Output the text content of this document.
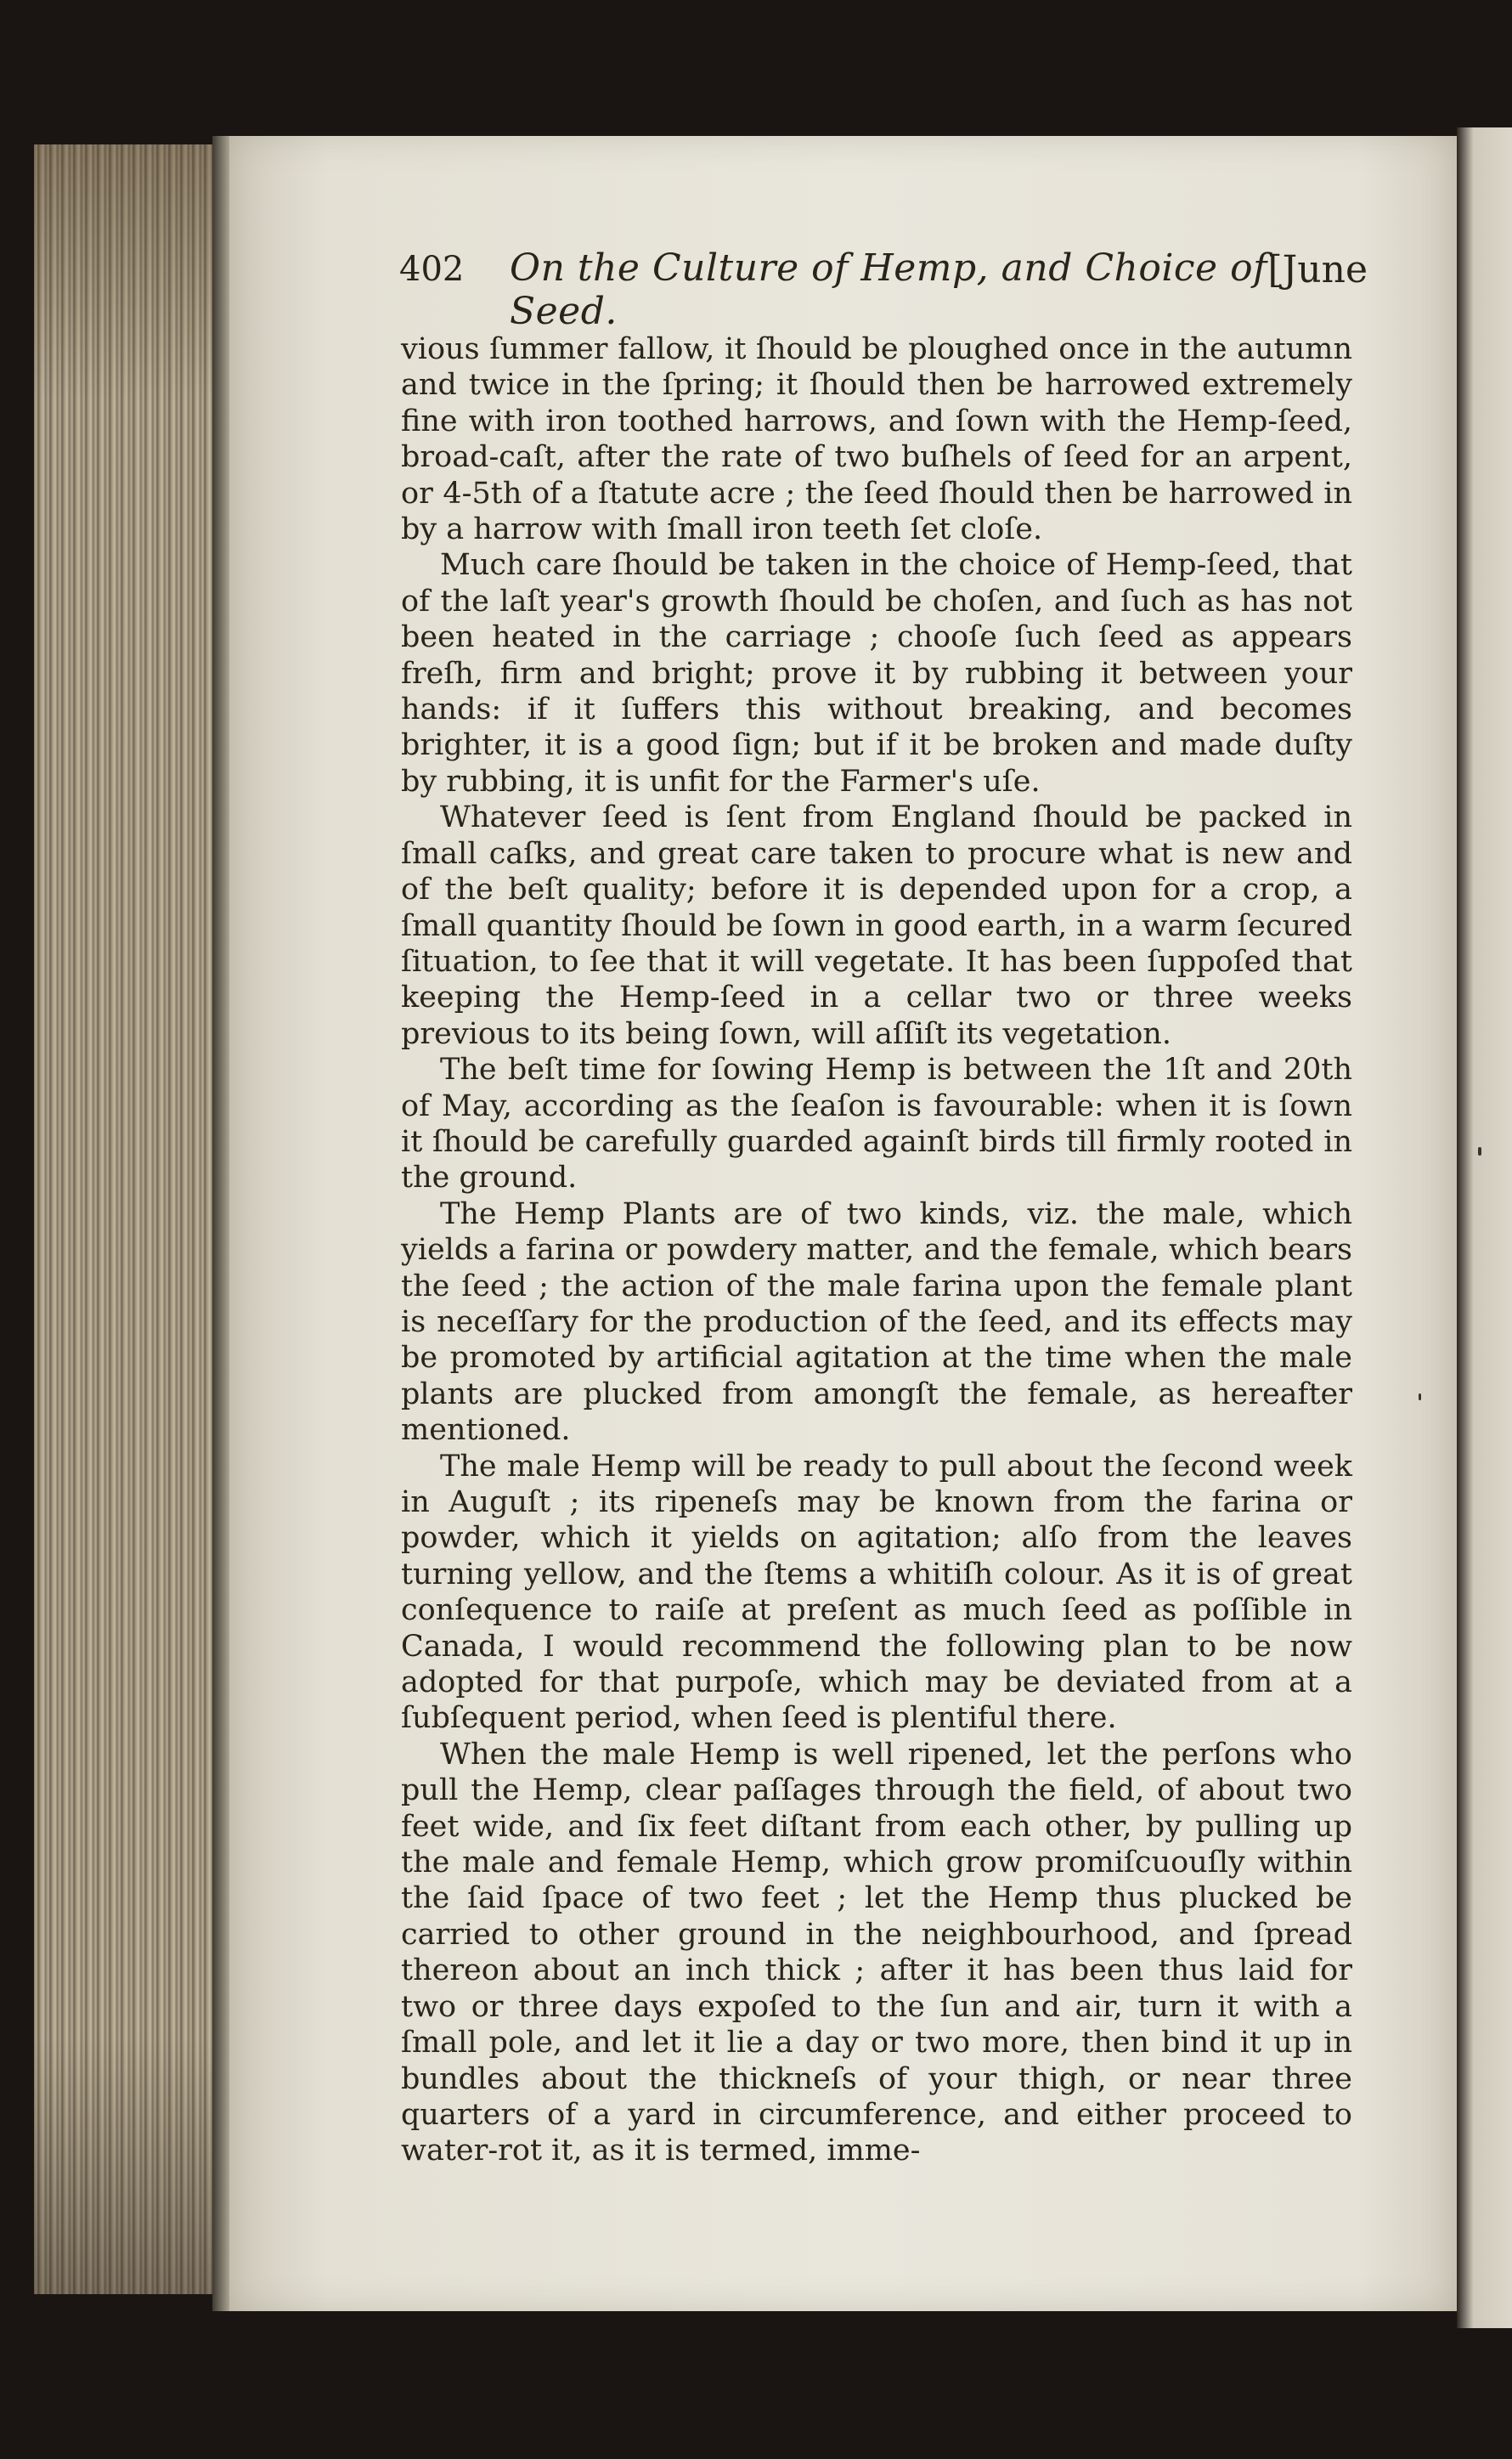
402 On the Culture of Hemp, and Choice of Seed.
[June

vious ſummer fallow, it ſhould be ploughed once in the autumn and twice in the ſpring; it ſhould then be harrowed extremely fine with iron toothed harrows, and ſown with the Hemp-ſeed, broad-caſt, after the rate of two buſhels of ſeed for an arpent, or 4-5th of a ſtatute acre ; the ſeed ſhould then be harrowed in by a harrow with ſmall iron teeth ſet cloſe.

Much care ſhould be taken in the choice of Hemp-ſeed, that of the laſt year's growth ſhould be choſen, and ſuch as has not been heated in the carriage ; chooſe ſuch ſeed as appears freſh, firm and bright; prove it by rubbing it between your hands: if it ſuffers this without breaking, and becomes brighter, it is a good ſign; but if it be broken and made duſty by rubbing, it is unfit for the Farmer's uſe.

Whatever ſeed is ſent from England ſhould be packed in ſmall caſks, and great care taken to procure what is new and of the beſt quality; before it is depended upon for a crop, a ſmall quantity ſhould be ſown in good earth, in a warm ſecured ſituation, to ſee that it will vegetate. It has been ſuppoſed that keeping the Hemp-ſeed in a cellar two or three weeks previous to its being ſown, will aſſiſt its vegetation.

The beſt time for ſowing Hemp is between the 1ſt and 20th of May, according as the ſeaſon is favourable: when it is ſown it ſhould be carefully guarded againſt birds till firmly rooted in the ground.

The Hemp Plants are of two kinds, viz. the male, which yields a farina or powdery matter, and the female, which bears the ſeed ; the action of the male farina upon the female plant is neceſſary for the production of the ſeed, and its effects may be promoted by artificial agitation at the time when the male plants are plucked from amongſt the female, as hereafter mentioned.

The male Hemp will be ready to pull about the ſecond week in Auguſt ; its ripeneſs may be known from the farina or powder, which it yields on agitation; alſo from the leaves turning yellow, and the ſtems a whitiſh colour. As it is of great conſequence to raiſe at preſent as much ſeed as poſſible in Canada, I would recommend the following plan to be now adopted for that purpoſe, which may be deviated from at a ſubſequent period, when ſeed is plentiful there.

When the male Hemp is well ripened, let the perſons who pull the Hemp, clear paſſages through the field, of about two feet wide, and ſix feet diſtant from each other, by pulling up the male and female Hemp, which grow promiſcuouſly within the ſaid ſpace of two feet ; let the Hemp thus plucked be carried to other ground in the neighbourhood, and ſpread thereon about an inch thick ; after it has been thus laid for two or three days expoſed to the ſun and air, turn it with a ſmall pole, and let it lie a day or two more, then bind it up in bundles about the thickneſs of your thigh, or near three quarters of a yard in circumference, and either proceed to water-rot it, as it is termed, imme-
